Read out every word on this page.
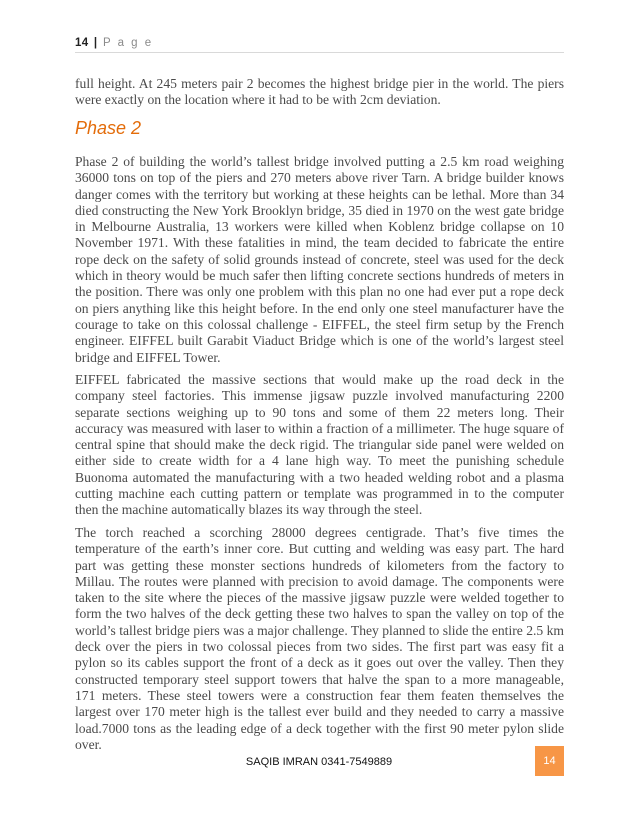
14 | P a g e

full height. At 245 meters pair 2 becomes the highest bridge pier in the world. The piers were exactly on the location where it had to be with 2cm deviation.

Phase 2

Phase 2 of building the world’s tallest bridge involved putting a 2.5 km road weighing 36000 tons on top of the piers and 270 meters above river Tarn. A bridge builder knows danger comes with the territory but working at these heights can be lethal. More than 34 died constructing the New York Brooklyn bridge, 35 died in 1970 on the west gate bridge in Melbourne Australia, 13 workers were killed when Koblenz bridge collapse on 10 November 1971. With these fatalities in mind, the team decided to fabricate the entire rope deck on the safety of solid grounds instead of concrete, steel was used for the deck which in theory would be much safer then lifting concrete sections hundreds of meters in the position. There was only one problem with this plan no one had ever put a rope deck on piers anything like this height before. In the end only one steel manufacturer have the courage to take on this colossal challenge - EIFFEL, the steel firm setup by the French engineer. EIFFEL built Garabit Viaduct Bridge which is one of the world’s largest steel bridge and EIFFEL Tower.

EIFFEL fabricated the massive sections that would make up the road deck in the company steel factories. This immense jigsaw puzzle involved manufacturing 2200 separate sections weighing up to 90 tons and some of them 22 meters long. Their accuracy was measured with laser to within a fraction of a millimeter. The huge square of central spine that should make the deck rigid. The triangular side panel were welded on either side to create width for a 4 lane high way. To meet the punishing schedule Buonoma automated the manufacturing with a two headed welding robot and a plasma cutting machine each cutting pattern or template was programmed in to the computer then the machine automatically blazes its way through the steel.

The torch reached a scorching 28000 degrees centigrade. That’s five times the temperature of the earth’s inner core. But cutting and welding was easy part. The hard part was getting these monster sections hundreds of kilometers from the factory to Millau. The routes were planned with precision to avoid damage. The components were taken to the site where the pieces of the massive jigsaw puzzle were welded together to form the two halves of the deck getting these two halves to span the valley on top of the world’s tallest bridge piers was a major challenge. They planned to slide the entire 2.5 km deck over the piers in two colossal pieces from two sides. The first part was easy fit a pylon so its cables support the front of a deck as it goes out over the valley. Then they constructed temporary steel support towers that halve the span to a more manageable, 171 meters. These steel towers were a construction fear them featen themselves the largest over 170 meter high is the tallest ever build and they needed to carry a massive load.7000 tons as the leading edge of a deck together with the first 90 meter pylon slide over.

SAQIB IMRAN 0341-7549889	14
